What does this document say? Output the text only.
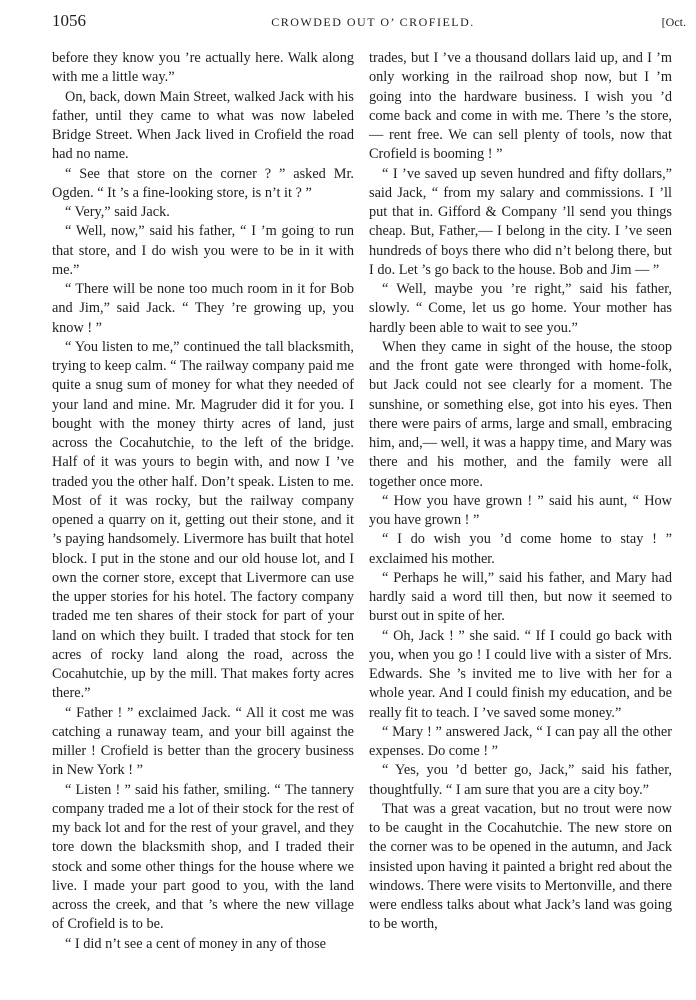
1056	CROWDED OUT O’ CROFIELD.	[Oct.

before they know you ’re actually here. Walk along with me a little way.”

On, back, down Main Street, walked Jack with his father, until they came to what was now labeled Bridge Street. When Jack lived in Crofield the road had no name.

“ See that store on the corner ? ” asked Mr. Ogden. “ It ’s a fine-looking store, is n’t it ? ”

“ Very,” said Jack.

“ Well, now,” said his father, “ I ’m going to run that store, and I do wish you were to be in it with me.”

“ There will be none too much room in it for Bob and Jim,” said Jack. “ They ’re growing up, you know ! ”

“ You listen to me,” continued the tall blacksmith, trying to keep calm. “ The railway company paid me quite a snug sum of money for what they needed of your land and mine. Mr. Magruder did it for you. I bought with the money thirty acres of land, just across the Cocahutchie, to the left of the bridge. Half of it was yours to begin with, and now I ’ve traded you the other half. Don’t speak. Listen to me. Most of it was rocky, but the railway company opened a quarry on it, getting out their stone, and it ’s paying handsomely. Livermore has built that hotel block. I put in the stone and our old house lot, and I own the corner store, except that Livermore can use the upper stories for his hotel. The factory company traded me ten shares of their stock for part of your land on which they built. I traded that stock for ten acres of rocky land along the road, across the Cocahutchie, up by the mill. That makes forty acres there.”

“ Father ! ” exclaimed Jack. “ All it cost me was catching a runaway team, and your bill against the miller ! Crofield is better than the grocery business in New York ! ”

“ Listen ! ” said his father, smiling. “ The tannery company traded me a lot of their stock for the rest of my back lot and for the rest of your gravel, and they tore down the blacksmith shop, and I traded their stock and some other things for the house where we live. I made your part good to you, with the land across the creek, and that ’s where the new village of Crofield is to be.

“ I did n’t see a cent of money in any of those

trades, but I ’ve a thousand dollars laid up, and I ’m only working in the railroad shop now, but I ’m going into the hardware business. I wish you ’d come back and come in with me. There ’s the store,— rent free. We can sell plenty of tools, now that Crofield is booming ! ”

“ I ’ve saved up seven hundred and fifty dollars,” said Jack, “ from my salary and commissions. I ’ll put that in. Gifford & Company ’ll send you things cheap. But, Father,— I belong in the city. I ’ve seen hundreds of boys there who did n’t belong there, but I do. Let ’s go back to the house. Bob and Jim — ”

“ Well, maybe you ’re right,” said his father, slowly. “ Come, let us go home. Your mother has hardly been able to wait to see you.”

When they came in sight of the house, the stoop and the front gate were thronged with home-folk, but Jack could not see clearly for a moment. The sunshine, or something else, got into his eyes. Then there were pairs of arms, large and small, embracing him, and,— well, it was a happy time, and Mary was there and his mother, and the family were all together once more.

“ How you have grown ! ” said his aunt, “ How you have grown ! ”

“ I do wish you ’d come home to stay ! ” exclaimed his mother.

“ Perhaps he will,” said his father, and Mary had hardly said a word till then, but now it seemed to burst out in spite of her.

“ Oh, Jack ! ” she said. “ If I could go back with you, when you go ! I could live with a sister of Mrs. Edwards. She ’s invited me to live with her for a whole year. And I could finish my education, and be really fit to teach. I ’ve saved some money.”

“ Mary ! ” answered Jack, “ I can pay all the other expenses. Do come ! ”

“ Yes, you ’d better go, Jack,” said his father, thoughtfully. “ I am sure that you are a city boy.”

That was a great vacation, but no trout were now to be caught in the Cocahutchie. The new store on the corner was to be opened in the autumn, and Jack insisted upon having it painted a bright red about the windows. There were visits to Mertonville, and there were endless talks about what Jack’s land was going to be worth,
